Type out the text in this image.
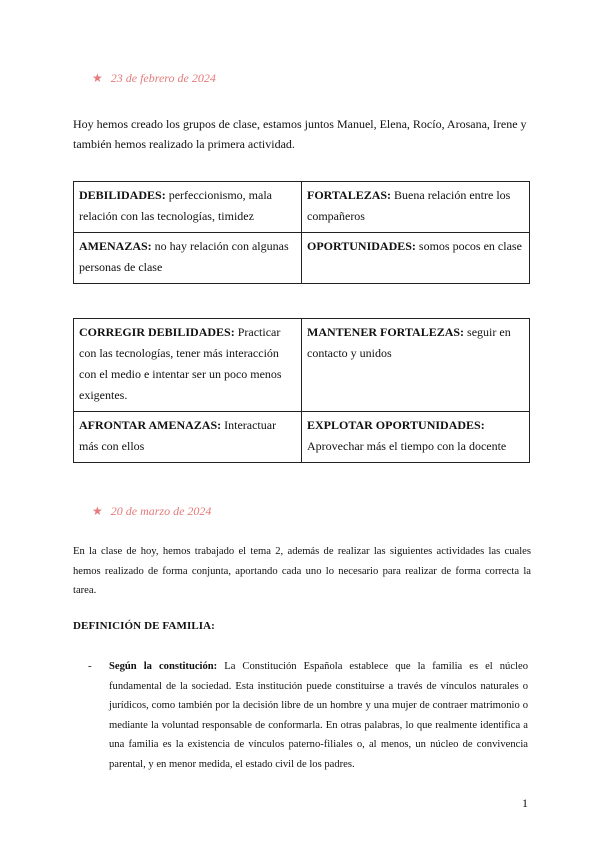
★ 23 de febrero de 2024
Hoy hemos creado los grupos de clase, estamos juntos Manuel, Elena, Rocío, Arosana, Irene y también hemos realizado la primera actividad.
DEBILIDADES: perfeccionismo, mala relación con las tecnologías, timidez	FORTALEZAS: Buena relación entre los compañeros
AMENAZAS: no hay relación con algunas personas de clase	OPORTUNIDADES: somos pocos en clase
CORREGIR DEBILIDADES: Practicar con las tecnologías, tener más interacción con el medio e intentar ser un poco menos exigentes.	MANTENER FORTALEZAS: seguir en contacto y unidos
AFRONTAR AMENAZAS: Interactuar más con ellos	EXPLOTAR OPORTUNIDADES:
Aprovechar más el tiempo con la docente
★ 20 de marzo de 2024
En la clase de hoy, hemos trabajado el tema 2, además de realizar las siguientes actividades las cuales hemos realizado de forma conjunta, aportando cada uno lo necesario para realizar de forma correcta la tarea.
DEFINICIÓN DE FAMILIA:
- Según la constitución: La Constitución Española establece que la familia es el núcleo fundamental de la sociedad. Esta institución puede constituirse a través de vínculos naturales o jurídicos, como también por la decisión libre de un hombre y una mujer de contraer matrimonio o mediante la voluntad responsable de conformarla. En otras palabras, lo que realmente identifica a una familia es la existencia de vínculos paterno-filiales o, al menos, un núcleo de convivencia parental, y en menor medida, el estado civil de los padres.
1
